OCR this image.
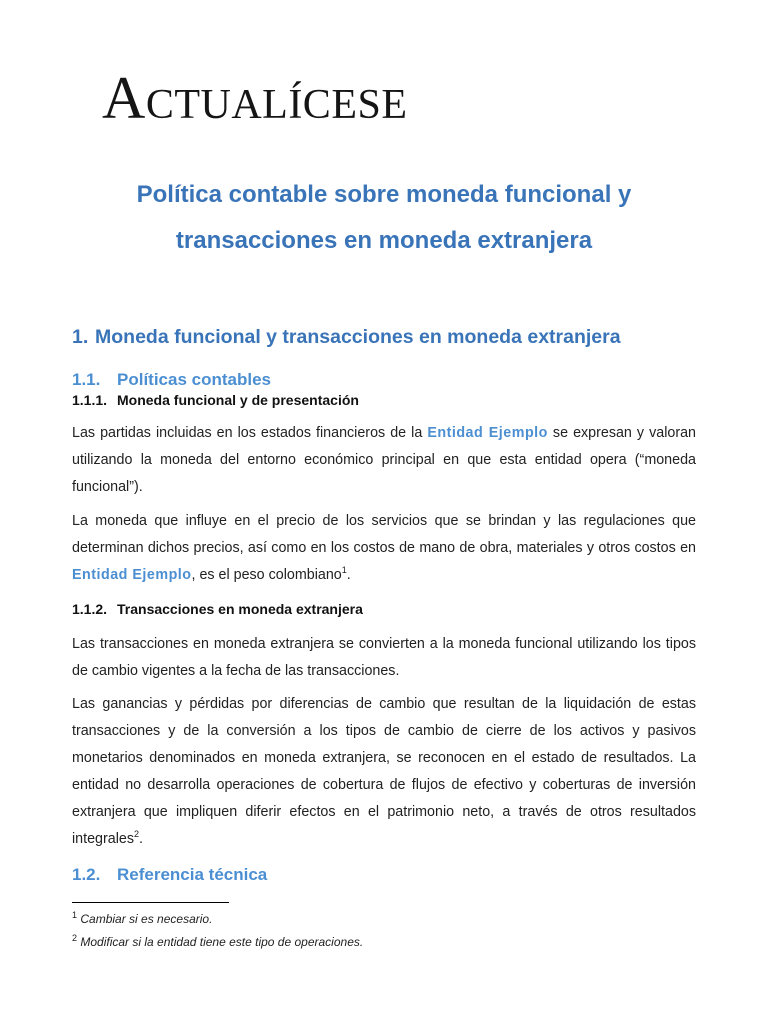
Actualícese
Política contable sobre moneda funcional y transacciones en moneda extranjera
1. Moneda funcional y transacciones en moneda extranjera
1.1. Políticas contables
1.1.1. Moneda funcional y de presentación

Las partidas incluidas en los estados financieros de la Entidad Ejemplo se expresan y valoran utilizando la moneda del entorno económico principal en que esta entidad opera (“moneda funcional”).

La moneda que influye en el precio de los servicios que se brindan y las regulaciones que determinan dichos precios, así como en los costos de mano de obra, materiales y otros costos en Entidad Ejemplo, es el peso colombiano$^1$.

1.1.2. Transacciones en moneda extranjera

Las transacciones en moneda extranjera se convierten a la moneda funcional utilizando los tipos de cambio vigentes a la fecha de las transacciones.

Las ganancias y pérdidas por diferencias de cambio que resultan de la liquidación de estas transacciones y de la conversión a los tipos de cambio de cierre de los activos y pasivos monetarios denominados en moneda extranjera, se reconocen en el estado de resultados. La entidad no desarrolla operaciones de cobertura de flujos de efectivo y coberturas de inversión extranjera que impliquen diferir efectos en el patrimonio neto, a través de otros resultados integrales$^2$.

1.2. Referencia técnica
$^1$ Cambiar si es necesario.
$^2$ Modificar si la entidad tiene este tipo de operaciones.
